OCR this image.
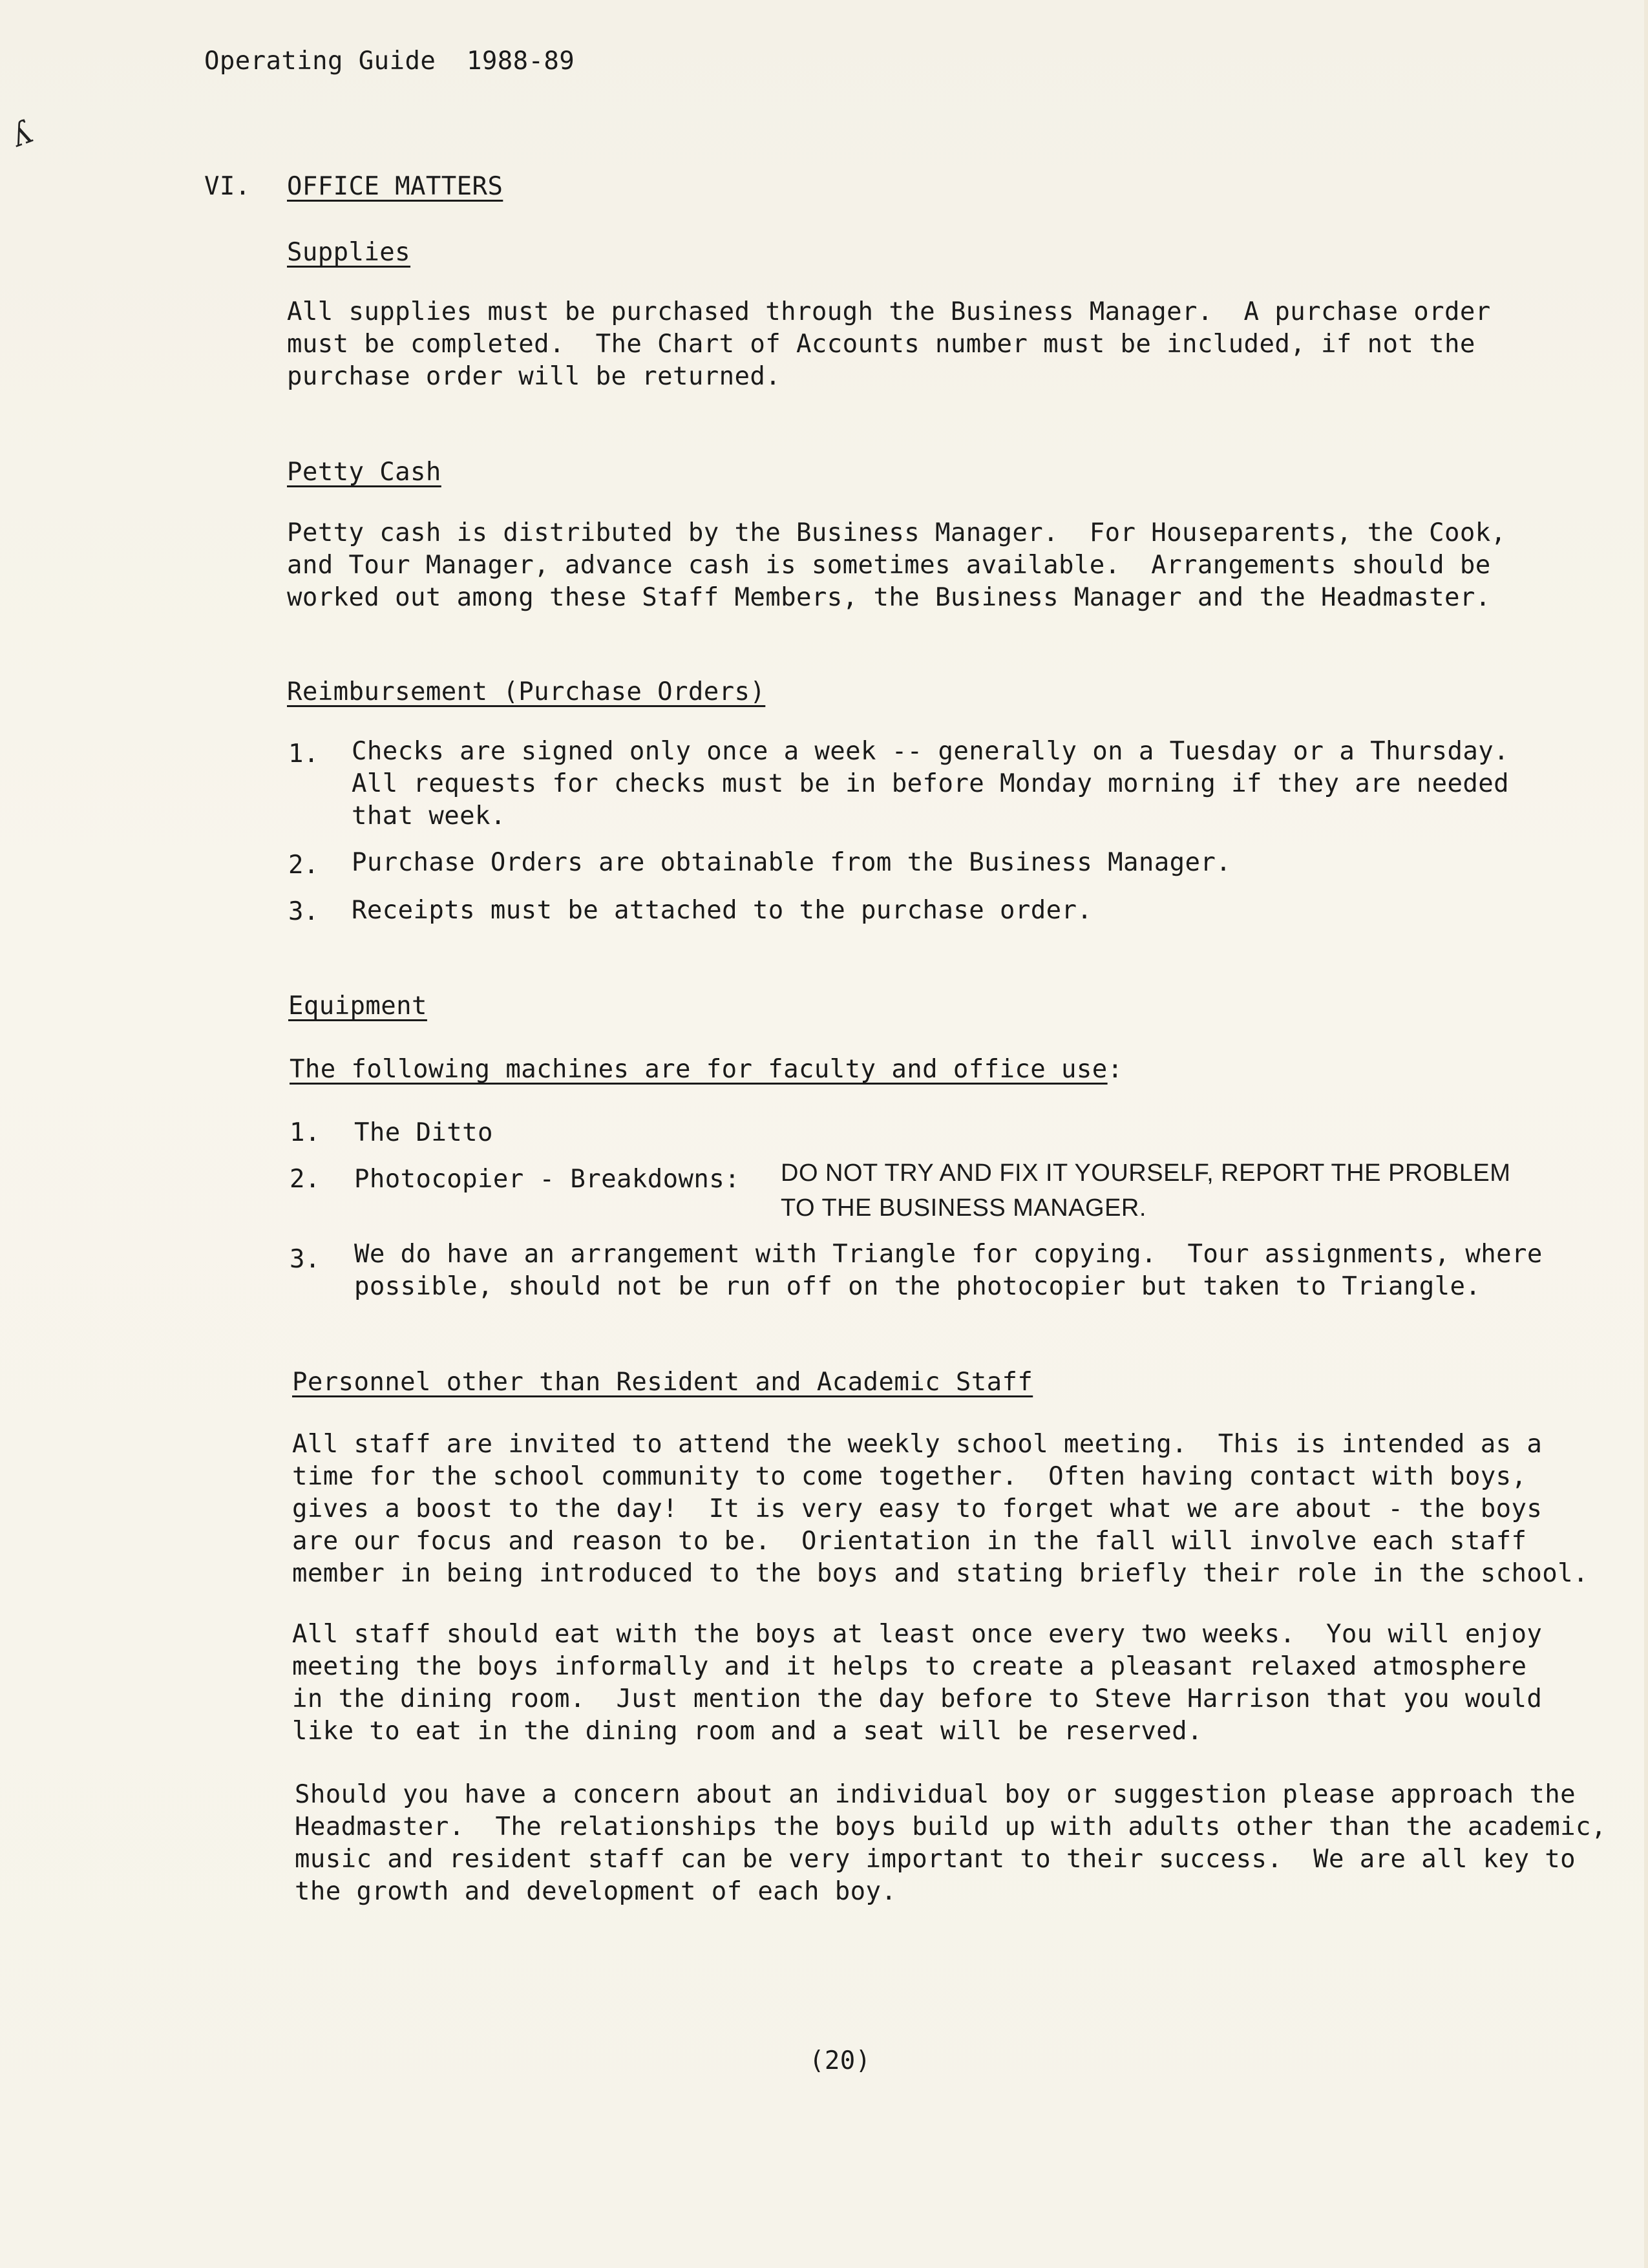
ʎ
Operating Guide  1988-89
VI. OFFICE MATTERS
Supplies
All supplies must be purchased through the Business Manager.  A purchase order
must be completed.  The Chart of Accounts number must be included, if not the
purchase order will be returned.
Petty Cash
Petty cash is distributed by the Business Manager.  For Houseparents, the Cook,
and Tour Manager, advance cash is sometimes available.  Arrangements should be
worked out among these Staff Members, the Business Manager and the Headmaster.
Reimbursement (Purchase Orders)
1. Checks are signed only once a week -- generally on a Tuesday or a Thursday.
All requests for checks must be in before Monday morning if they are needed
that week.
2. Purchase Orders are obtainable from the Business Manager.
3. Receipts must be attached to the purchase order.
Equipment
The following machines are for faculty and office use:
1. The Ditto
2. Photocopier - Breakdowns: DO NOT TRY AND FIX IT YOURSELF, REPORT THE PROBLEM
TO THE BUSINESS MANAGER.
3. We do have an arrangement with Triangle for copying.  Tour assignments, where
possible, should not be run off on the photocopier but taken to Triangle.
Personnel other than Resident and Academic Staff
All staff are invited to attend the weekly school meeting.  This is intended as a
time for the school community to come together.  Often having contact with boys,
gives a boost to the day!  It is very easy to forget what we are about - the boys
are our focus and reason to be.  Orientation in the fall will involve each staff
member in being introduced to the boys and stating briefly their role in the school.
All staff should eat with the boys at least once every two weeks.  You will enjoy
meeting the boys informally and it helps to create a pleasant relaxed atmosphere
in the dining room.  Just mention the day before to Steve Harrison that you would
like to eat in the dining room and a seat will be reserved.
Should you have a concern about an individual boy or suggestion please approach the
Headmaster.  The relationships the boys build up with adults other than the academic,
music and resident staff can be very important to their success.  We are all key to
the growth and development of each boy.
(20)
